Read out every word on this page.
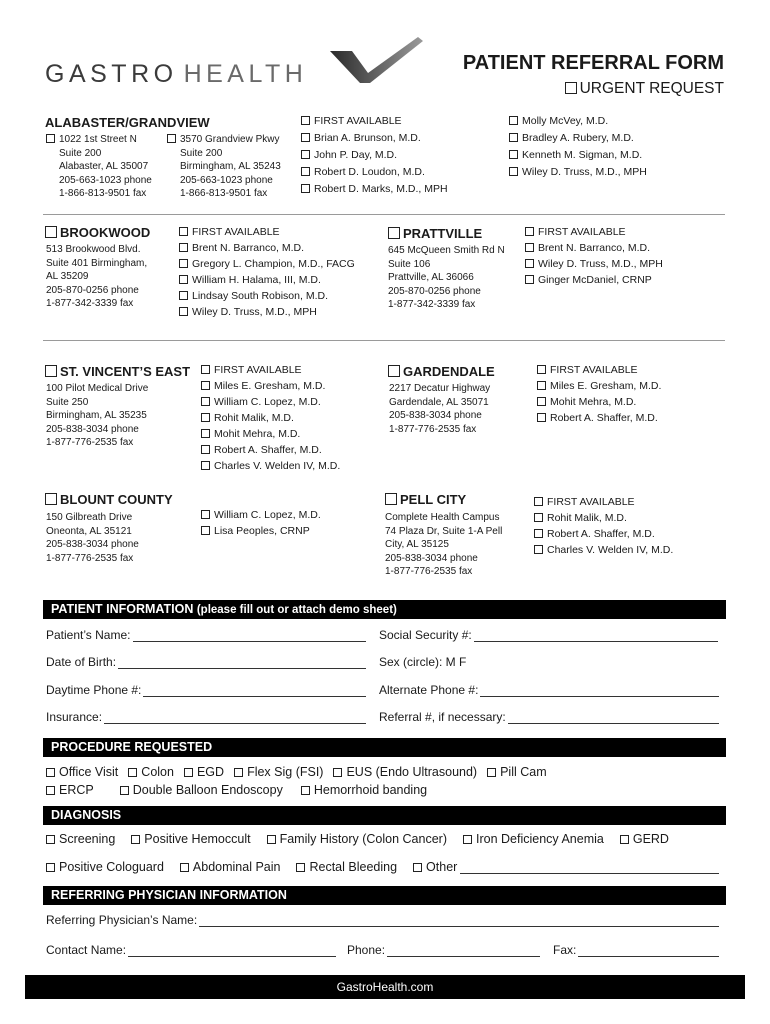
GASTRO HEALTH	PATIENT REFERRAL FORM
URGENT REQUEST
ALABASTER/GRANDVIEW
1022 1st Street N
Suite 200
Alabaster, AL 35007
205-663-1023 phone
1-866-813-9501 fax
3570 Grandview Pkwy
Suite 200
Birmingham, AL 35243
205-663-1023 phone
1-866-813-9501 fax
FIRST AVAILABLE
Brian A. Brunson, M.D.
John P. Day, M.D.
Robert D. Loudon, M.D.
Robert D. Marks, M.D., MPH
Molly McVey, M.D.
Bradley A. Rubery, M.D.
Kenneth M. Sigman, M.D.
Wiley D. Truss, M.D., MPH
BROOKWOOD
513 Brookwood Blvd.
Suite 401 Birmingham,
AL 35209
205-870-0256 phone
1-877-342-3339 fax
FIRST AVAILABLE
Brent N. Barranco, M.D.
Gregory L. Champion, M.D., FACG
William H. Halama, III, M.D.
Lindsay South Robison, M.D.
Wiley D. Truss, M.D., MPH
PRATTVILLE
645 McQueen Smith Rd N
Suite 106
Prattville, AL 36066
205-870-0256 phone
1-877-342-3339 fax
FIRST AVAILABLE
Brent N. Barranco, M.D.
Wiley D. Truss, M.D., MPH
Ginger McDaniel, CRNP
ST. VINCENT’S EAST
100 Pilot Medical Drive
Suite 250
Birmingham, AL 35235
205-838-3034 phone
1-877-776-2535 fax
FIRST AVAILABLE
Miles E. Gresham, M.D.
William C. Lopez, M.D.
Rohit Malik, M.D.
Mohit Mehra, M.D.
Robert A. Shaffer, M.D.
Charles V. Welden IV, M.D.
GARDENDALE
2217 Decatur Highway
Gardendale, AL 35071
205-838-3034 phone
1-877-776-2535 fax
FIRST AVAILABLE
Miles E. Gresham, M.D.
Mohit Mehra, M.D.
Robert A. Shaffer, M.D.
BLOUNT COUNTY
150 Gilbreath Drive
Oneonta, AL 35121
205-838-3034 phone
1-877-776-2535 fax
William C. Lopez, M.D.
Lisa Peoples, CRNP
PELL CITY
Complete Health Campus
74 Plaza Dr, Suite 1-A Pell
City, AL 35125
205-838-3034 phone
1-877-776-2535 fax
FIRST AVAILABLE
Rohit Malik, M.D.
Robert A. Shaffer, M.D.
Charles V. Welden IV, M.D.
PATIENT INFORMATION (please fill out or attach demo sheet)
Patient’s Name:	Social Security #:
Date of Birth:	Sex (circle): M F
Daytime Phone #:	Alternate Phone #:
Insurance:	Referral #, if necessary:
PROCEDURE REQUESTED
Office Visit Colon EGD Flex Sig (FSI) EUS (Endo Ultrasound) Pill Cam
ERCP	Double Balloon Endoscopy Hemorrhoid banding
DIAGNOSIS
Screening Positive Hemoccult Family History (Colon Cancer) Iron Deficiency Anemia GERD
Positive Cologuard	Abdominal Pain	Rectal Bleeding	Other
REFERRING PHYSICIAN INFORMATION
Referring Physician’s Name:
Contact Name:	Phone:	Fax:
GastroHealth.com
